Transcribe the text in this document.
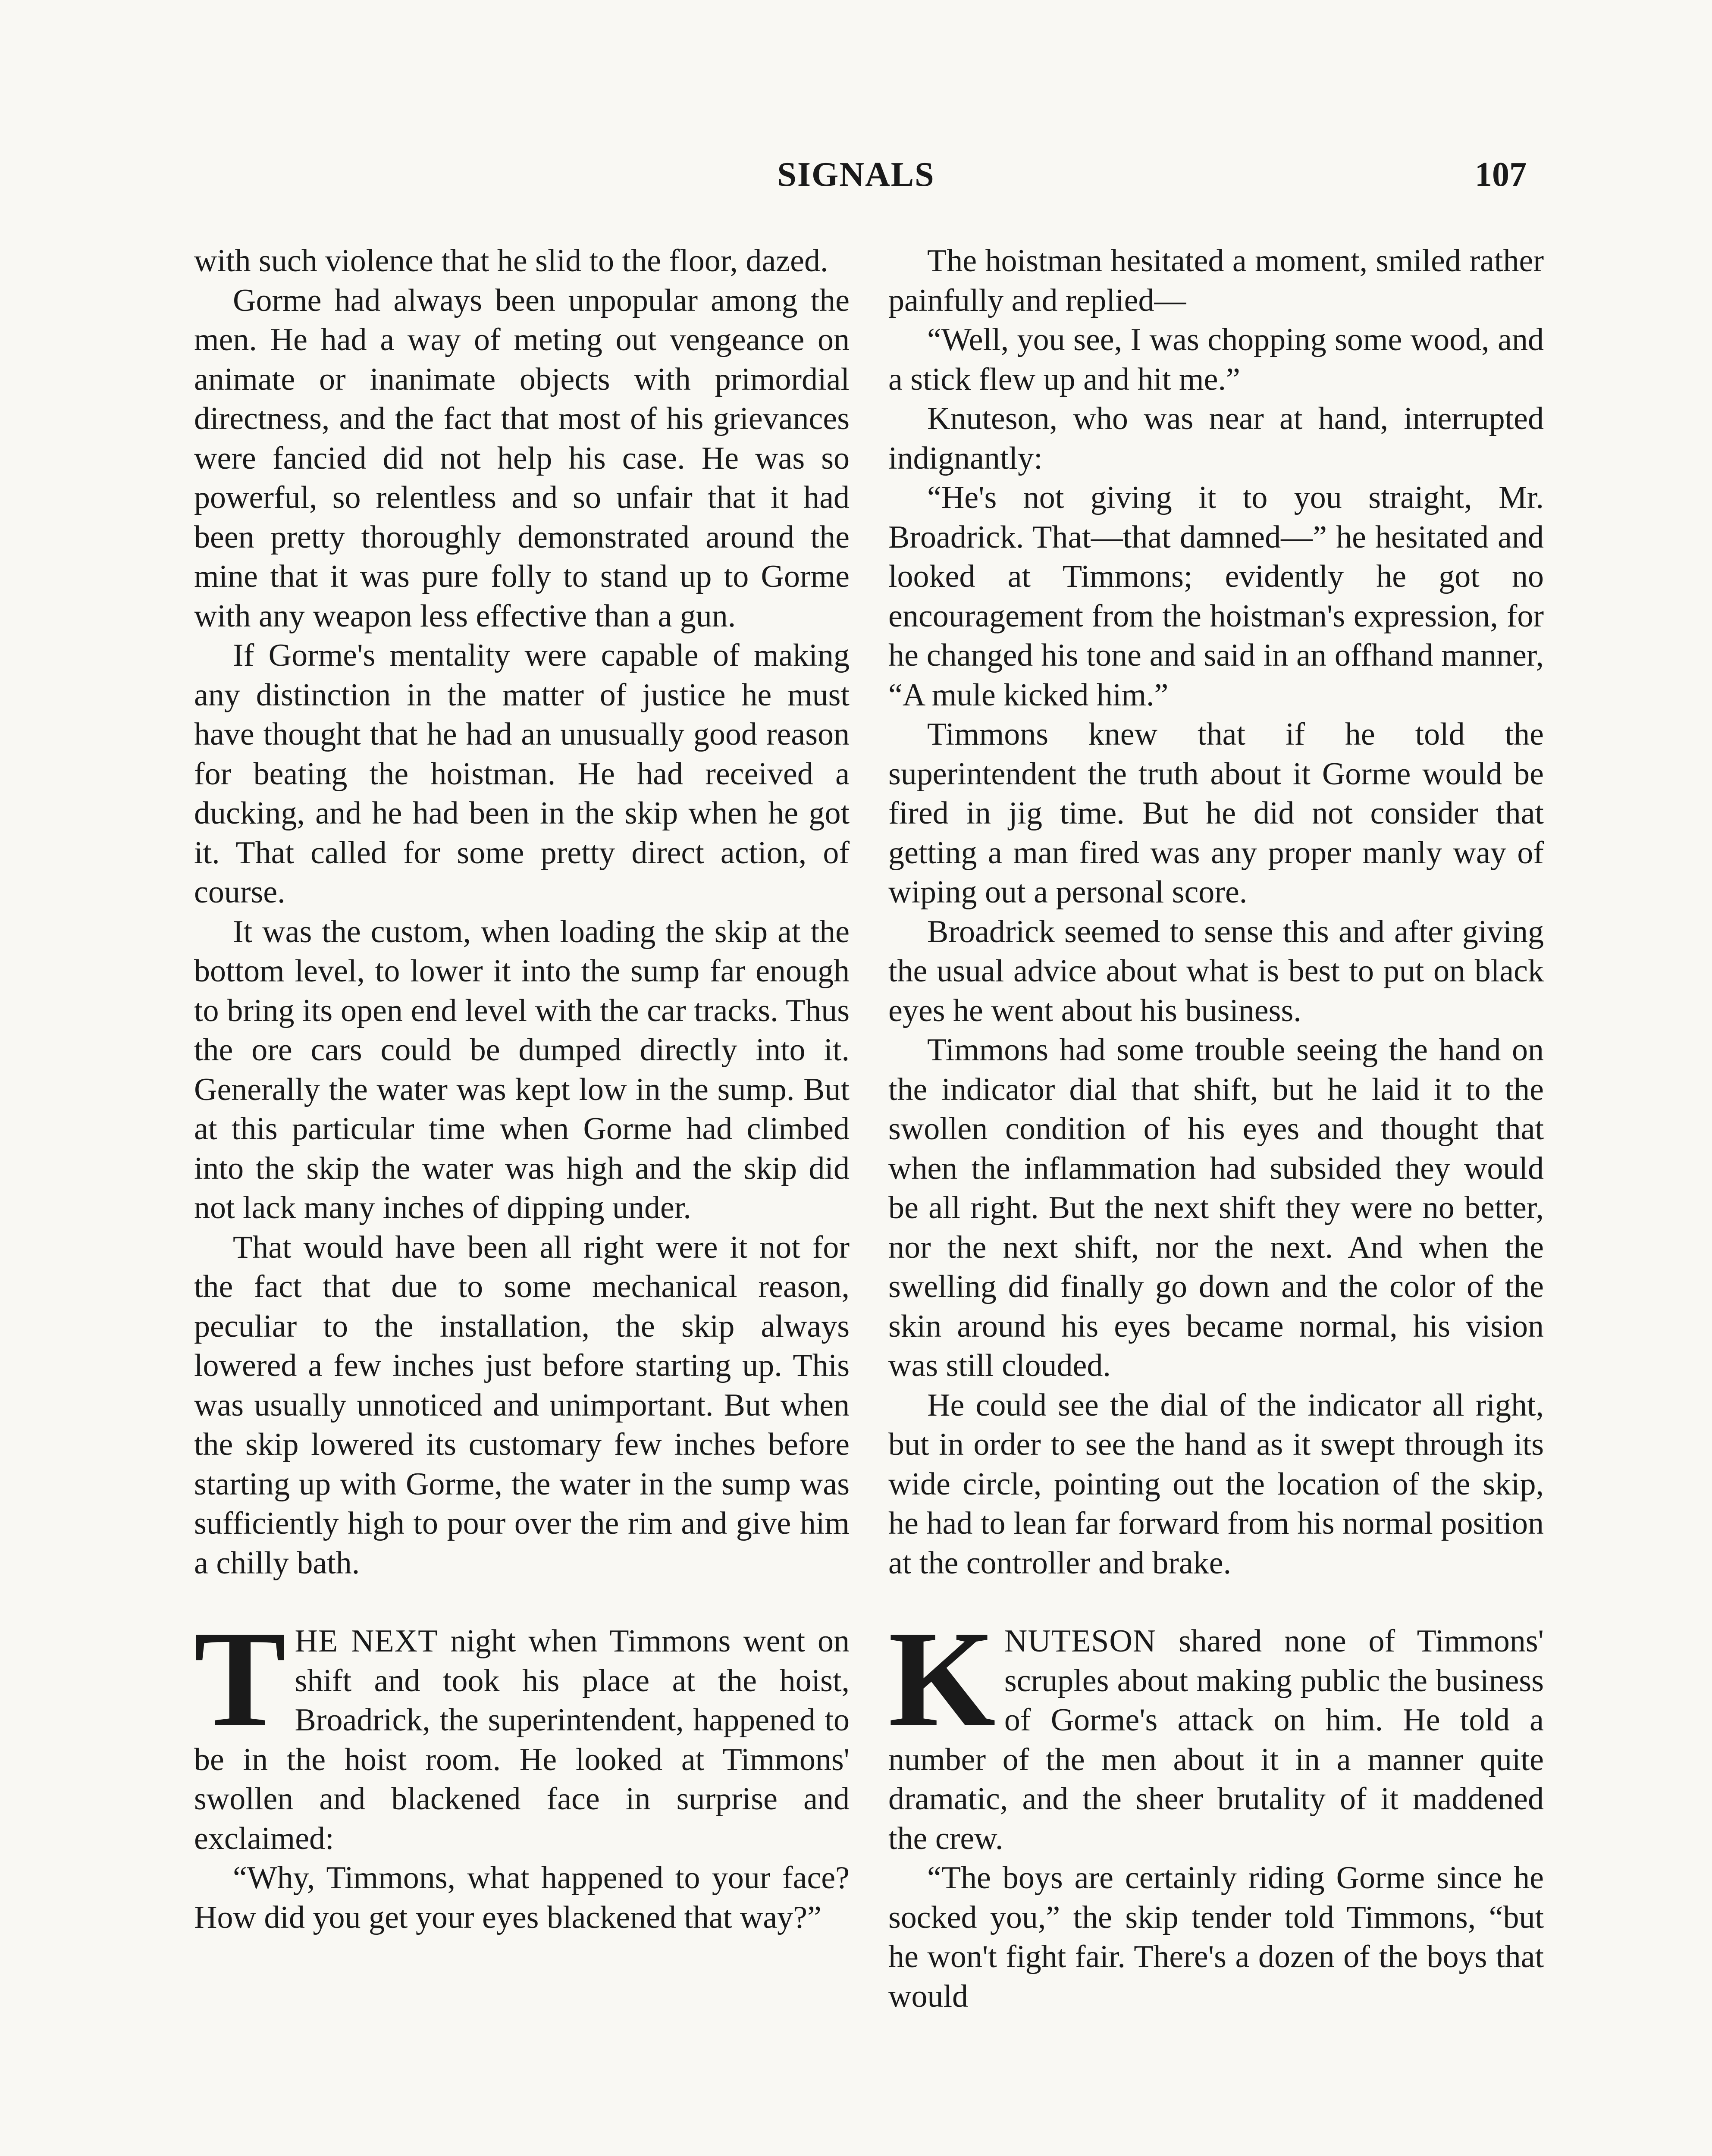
SIGNALS	107

with such violence that he slid to the floor, dazed.

Gorme had always been unpopular among the men. He had a way of meting out vengeance on animate or inanimate objects with primordial directness, and the fact that most of his grievances were fancied did not help his case. He was so powerful, so relentless and so unfair that it had been pretty thoroughly demonstrated around the mine that it was pure folly to stand up to Gorme with any weapon less effective than a gun.

If Gorme's mentality were capable of making any distinction in the matter of justice he must have thought that he had an unusually good reason for beating the hoistman. He had received a ducking, and he had been in the skip when he got it. That called for some pretty direct action, of course.

It was the custom, when loading the skip at the bottom level, to lower it into the sump far enough to bring its open end level with the car tracks. Thus the ore cars could be dumped directly into it. Generally the water was kept low in the sump. But at this particular time when Gorme had climbed into the skip the water was high and the skip did not lack many inches of dipping under.

That would have been all right were it not for the fact that due to some mechanical reason, peculiar to the installation, the skip always lowered a few inches just before starting up. This was usually unnoticed and unimportant. But when the skip lowered its customary few inches before starting up with Gorme, the water in the sump was sufficiently high to pour over the rim and give him a chilly bath.

THE NEXT night when Timmons went on shift and took his place at the hoist, Broadrick, the superintendent, happened to be in the hoist room. He looked at Timmons' swollen and blackened face in surprise and exclaimed:

“Why, Timmons, what happened to your face? How did you get your eyes blackened that way?”

The hoistman hesitated a moment, smiled rather painfully and replied—

“Well, you see, I was chopping some wood, and a stick flew up and hit me.”

Knuteson, who was near at hand, interrupted indignantly:

“He's not giving it to you straight, Mr. Broadrick. That—that damned—” he hesitated and looked at Timmons; evidently he got no encouragement from the hoistman's expression, for he changed his tone and said in an offhand manner, “A mule kicked him.”

Timmons knew that if he told the superintendent the truth about it Gorme would be fired in jig time. But he did not consider that getting a man fired was any proper manly way of wiping out a personal score.

Broadrick seemed to sense this and after giving the usual advice about what is best to put on black eyes he went about his business.

Timmons had some trouble seeing the hand on the indicator dial that shift, but he laid it to the swollen condition of his eyes and thought that when the inflammation had subsided they would be all right. But the next shift they were no better, nor the next shift, nor the next. And when the swelling did finally go down and the color of the skin around his eyes became normal, his vision was still clouded.

He could see the dial of the indicator all right, but in order to see the hand as it swept through its wide circle, pointing out the location of the skip, he had to lean far forward from his normal position at the controller and brake.

KNUTESON shared none of Timmons' scruples about making public the business of Gorme's attack on him. He told a number of the men about it in a manner quite dramatic, and the sheer brutality of it maddened the crew.

“The boys are certainly riding Gorme since he socked you,” the skip tender told Timmons, “but he won't fight fair. There's a dozen of the boys that would
